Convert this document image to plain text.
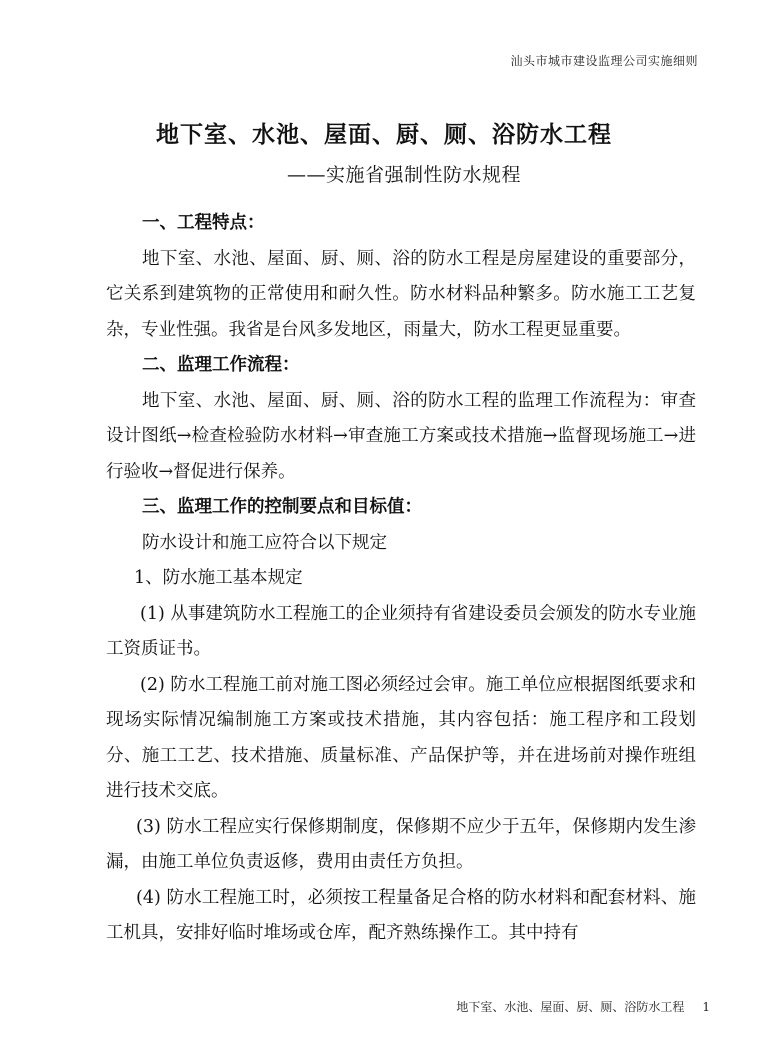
汕头市城市建设监理公司实施细则
地下室、水池、屋面、厨、厕、浴防水工程
——实施省强制性防水规程

一、工程特点：

地下室、水池、屋面、厨、厕、浴的防水工程是房屋建设的重要部分，它关系到建筑物的正常使用和耐久性。防水材料品种繁多。防水施工工艺复杂，专业性强。我省是台风多发地区，雨量大，防水工程更显重要。

二、监理工作流程：

地下室、水池、屋面、厨、厕、浴的防水工程的监理工作流程为：审查设计图纸→检查检验防水材料→审查施工方案或技术措施→监督现场施工→进行验收→督促进行保养。

三、监理工作的控制要点和目标值：

防水设计和施工应符合以下规定

1、防水施工基本规定

(1) 从事建筑防水工程施工的企业须持有省建设委员会颁发的防水专业施工资质证书。

(2) 防水工程施工前对施工图必须经过会审。施工单位应根据图纸要求和现场实际情况编制施工方案或技术措施，其内容包括：施工程序和工段划分、施工工艺、技术措施、质量标准、产品保护等，并在进场前对操作班组进行技术交底。

(3) 防水工程应实行保修期制度，保修期不应少于五年，保修期内发生渗漏，由施工单位负责返修，费用由责任方负担。

(4) 防水工程施工时，必须按工程量备足合格的防水材料和配套材料、施工机具，安排好临时堆场或仓库，配齐熟练操作工。其中持有

地下室、水池、屋面、厨、厕、浴防水工程 1
